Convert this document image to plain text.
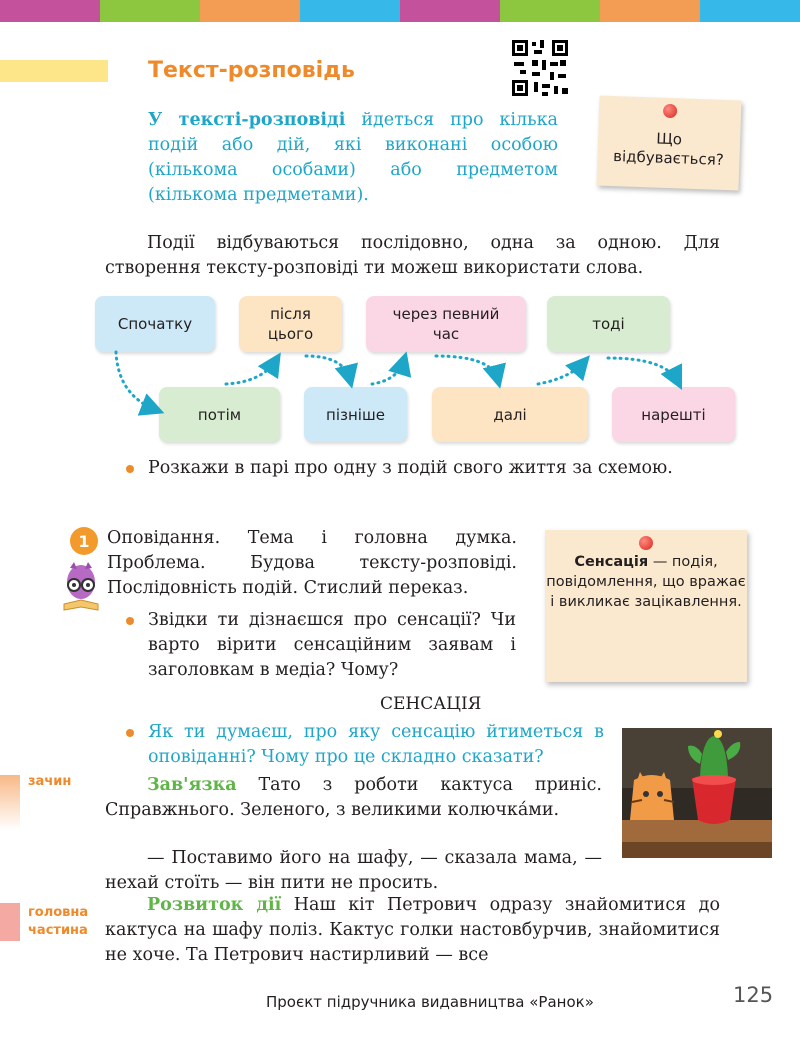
Текст-розповідь
У тексті-розповіді йдеться про кілька подій або дій, які виконані особою (кількома особами) або предметом (кількома предметами).
Що
відбувається?
Події відбуваються послідовно, одна за одною. Для створення тексту-розповіді ти можеш використати слова.
Спочатку
після
цього
через певний
час
тоді
потім	пізніше	далі	нарешті
Розкажи в парі про одну з подій свого життя за схемою.
1 Оповідання. Тема і головна думка. Проблема. Будова тексту-розповіді. Послідовність подій. Стислий переказ.
Звідки ти дізнаєшся про сенсації? Чи варто вірити сенсаційним заявам і заголовкам в медіа? Чому?
Сенсація — подія, повідомлення, що вражає і викликає зацікавлення.
СЕНСАЦІЯ
Як ти думаєш, про яку сенсацію йтиметься в оповіданні? Чому про це складно сказати?
зачин	Зав'язка Тато з роботи кактуса приніс. Справжнього. Зеленого, з великими колючка́ми.
— Поставимо його на шафу, — сказала мама, — нехай стоїть — він пити не просить.
головна
частина
Розвиток дії Наш кіт Петрович одразу знайомитися до кактуса на шафу поліз. Кактус голки настовбурчив, знайомитися не хоче. Та Петрович настирливий — все
Проєкт підручника видавництва «Ранок»	125
